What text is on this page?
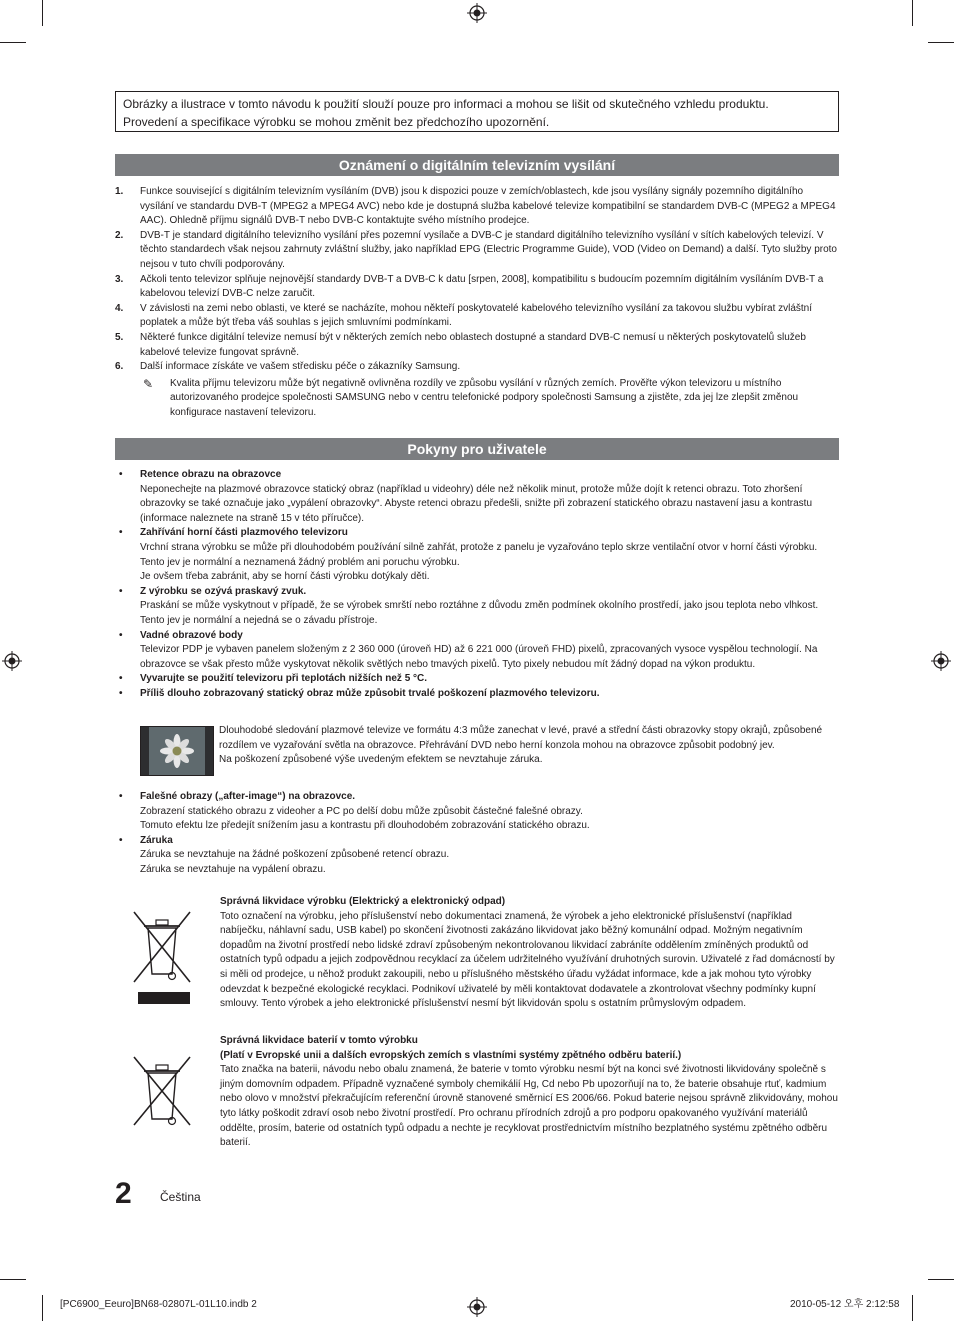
Obrázky a ilustrace v tomto návodu k použití slouží pouze pro informaci a mohou se lišit od skutečného vzhledu produktu.
Provedení a specifikace výrobku se mohou změnit bez předchozího upozornění.
Oznámení o digitálním televizním vysílání
1. Funkce související s digitálním televizním vysíláním (DVB) jsou k dispozici pouze v zemích/oblastech, kde jsou vysílány signály pozemního digitálního vysílání ve standardu DVB-T (MPEG2 a MPEG4 AVC) nebo kde je dostupná služba kabelové televize kompatibilní se standardem DVB-C (MPEG2 a MPEG4 AAC). Ohledně příjmu signálů DVB-T nebo DVB-C kontaktujte svého místního prodejce.
2. DVB-T je standard digitálního televizního vysílání přes pozemní vysílače a DVB-C je standard digitálního televizního vysílání v sítích kabelových televizí. V těchto standardech však nejsou zahrnuty zvláštní služby, jako například EPG (Electric Programme Guide), VOD (Video on Demand) a další. Tyto služby proto nejsou v tuto chvíli podporovány.
3. Ačkoli tento televizor splňuje nejnovější standardy DVB-T a DVB-C k datu [srpen, 2008], kompatibilitu s budoucím pozemním digitálním vysíláním DVB-T a kabelovou televizí DVB-C nelze zaručit.
4. V závislosti na zemi nebo oblasti, ve které se nacházíte, mohou někteří poskytovatelé kabelového televizního vysílání za takovou službu vybírat zvláštní poplatek a může být třeba váš souhlas s jejich smluvními podmínkami.
5. Některé funkce digitální televize nemusí být v některých zemích nebo oblastech dostupné a standard DVB-C nemusí u některých poskytovatelů služeb kabelové televize fungovat správně.
6. Další informace získáte ve vašem středisku péče o zákazníky Samsung.
✎ Kvalita příjmu televizoru může být negativně ovlivněna rozdíly ve způsobu vysílání v různých zemích. Prověřte výkon televizoru u místního autorizovaného prodejce společnosti SAMSUNG nebo v centru telefonické podpory společnosti Samsung a zjistěte, zda jej lze zlepšit změnou konfigurace nastavení televizoru.
Pokyny pro uživatele
• Retence obrazu na obrazovce
Neponechejte na plazmové obrazovce statický obraz (například u videohry) déle než několik minut, protože může dojít k retenci obrazu. Toto zhoršení obrazovky se také označuje jako „vypálení obrazovky“. Abyste retenci obrazu předešli, snižte při zobrazení statického obrazu nastavení jasu a kontrastu (informace naleznete na straně 15 v této příručce).
• Zahřívání horní části plazmového televizoru
Vrchní strana výrobku se může při dlouhodobém používání silně zahřát, protože z panelu je vyzařováno teplo skrze ventilační otvor v horní části výrobku.
Tento jev je normální a neznamená žádný problém ani poruchu výrobku.
Je ovšem třeba zabránit, aby se horní části výrobku dotýkaly děti.
• Z výrobku se ozývá praskavý zvuk.
Praskání se může vyskytnout v případě, že se výrobek smrští nebo roztáhne z důvodu změn podmínek okolního prostředí, jako jsou teplota nebo vlhkost. Tento jev je normální a nejedná se o závadu přístroje.
• Vadné obrazové body
Televizor PDP je vybaven panelem složeným z 2 360 000 (úroveň HD) až 6 221 000 (úroveň FHD) pixelů, zpracovaných vysoce vyspělou technologií. Na obrazovce se však přesto může vyskytovat několik světlých nebo tmavých pixelů. Tyto pixely nebudou mít žádný dopad na výkon produktu.
• Vyvarujte se použití televizoru při teplotách nižších než 5 °C.
• Příliš dlouho zobrazovaný statický obraz může způsobit trvalé poškození plazmového televizoru.
Dlouhodobé sledování plazmové televize ve formátu 4:3 může zanechat v levé, pravé a střední části obrazovky stopy okrajů, způsobené rozdílem ve vyzařování světla na obrazovce. Přehrávání DVD nebo herní konzola mohou na obrazovce způsobit podobný jev.
Na poškození způsobené výše uvedeným efektem se nevztahuje záruka.
• Falešné obrazy („after-image“) na obrazovce.
Zobrazení statického obrazu z videoher a PC po delší dobu může způsobit částečné falešné obrazy.
Tomuto efektu lze předejít snížením jasu a kontrastu při dlouhodobém zobrazování statického obrazu.
• Záruka
Záruka se nevztahuje na žádné poškození způsobené retencí obrazu.
Záruka se nevztahuje na vypálení obrazu.
Správná likvidace výrobku (Elektrický a elektronický odpad)
Toto označení na výrobku, jeho příslušenství nebo dokumentaci znamená, že výrobek a jeho elektronické příslušenství (například nabíječku, náhlavní sadu, USB kabel) po skončení životnosti zakázáno likvidovat jako běžný komunální odpad. Možným negativním dopadům na životní prostředí nebo lidské zdraví způsobeným nekontrolovanou likvidací zabráníte oddělením zmíněných produktů od ostatních typů odpadu a jejich zodpovědnou recyklací za účelem udržitelného využívání druhotných surovin. Uživatelé z řad domácností by si měli od prodejce, u něhož produkt zakoupili, nebo u příslušného městského úřadu vyžádat informace, kde a jak mohou tyto výrobky odevzdat k bezpečné ekologické recyklaci. Podnikoví uživatelé by měli kontaktovat dodavatele a zkontrolovat všechny podmínky kupní smlouvy. Tento výrobek a jeho elektronické příslušenství nesmí být likvidován spolu s ostatním průmyslovým odpadem.
Správná likvidace baterií v tomto výrobku
(Platí v Evropské unii a dalších evropských zemích s vlastními systémy zpětného odběru baterií.)
Tato značka na baterii, návodu nebo obalu znamená, že baterie v tomto výrobku nesmí být na konci své životnosti likvidovány společně s jiným domovním odpadem. Případně vyznačené symboly chemikálií Hg, Cd nebo Pb upozorňují na to, že baterie obsahuje rtuť, kadmium nebo olovo v množství překračujícím referenční úrovně stanovené směrnicí ES 2006/66. Pokud baterie nejsou správně zlikvidovány, mohou tyto látky poškodit zdraví osob nebo životní prostředí. Pro ochranu přírodních zdrojů a pro podporu opakovaného využívání materiálů oddělte, prosím, baterie od ostatních typů odpadu a nechte je recyklovat prostřednictvím místního bezplatného systému zpětného odběru baterií.
2 Čeština
[PC6900_Eeuro]BN68-02807L-01L10.indb 2	2010-05-12 오후 2:12:58
